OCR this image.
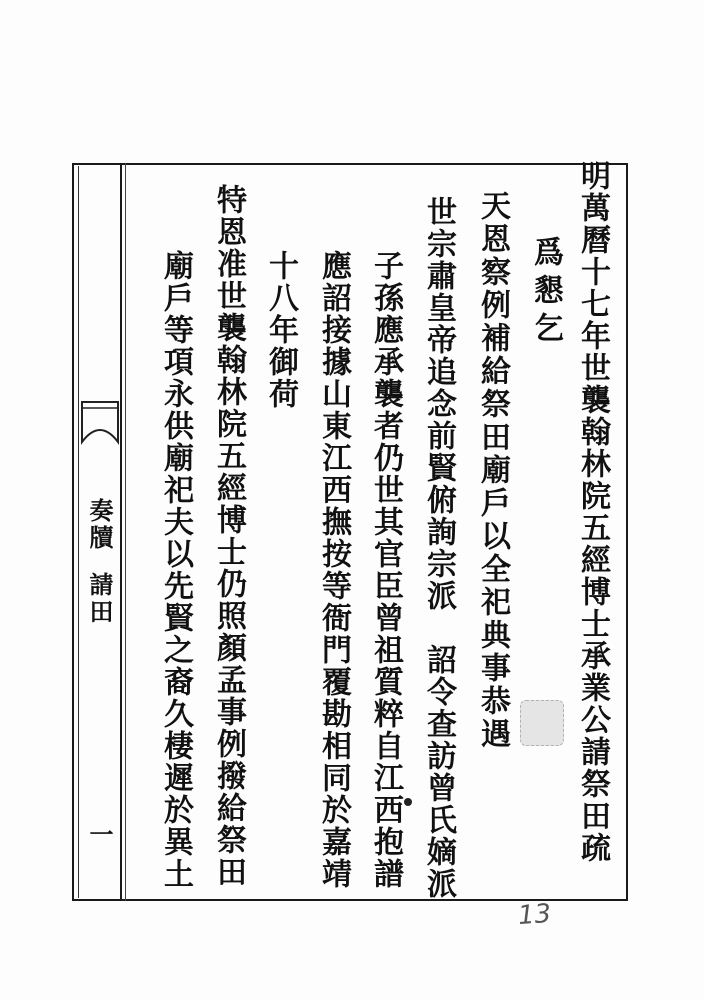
明萬曆十七年世襲翰林院五經博士承業公請祭田疏
爲懇乞
天恩察例補給祭田廟戶以全祀典事恭遇
世宗肅皇帝追念前賢俯詢宗派　詔令查訪曾氏嫡派
子孫應承襲者仍世其官臣曾祖質粹自江西抱譜
應詔接據山東江西撫按等衙門覆勘相同於嘉靖
十八年御荷
特恩准世襲翰林院五經博士仍照顏孟事例撥給祭田
廟戶等項永供廟祀夫以先賢之裔久棲遲於異土
奏牘
請田
一
13
